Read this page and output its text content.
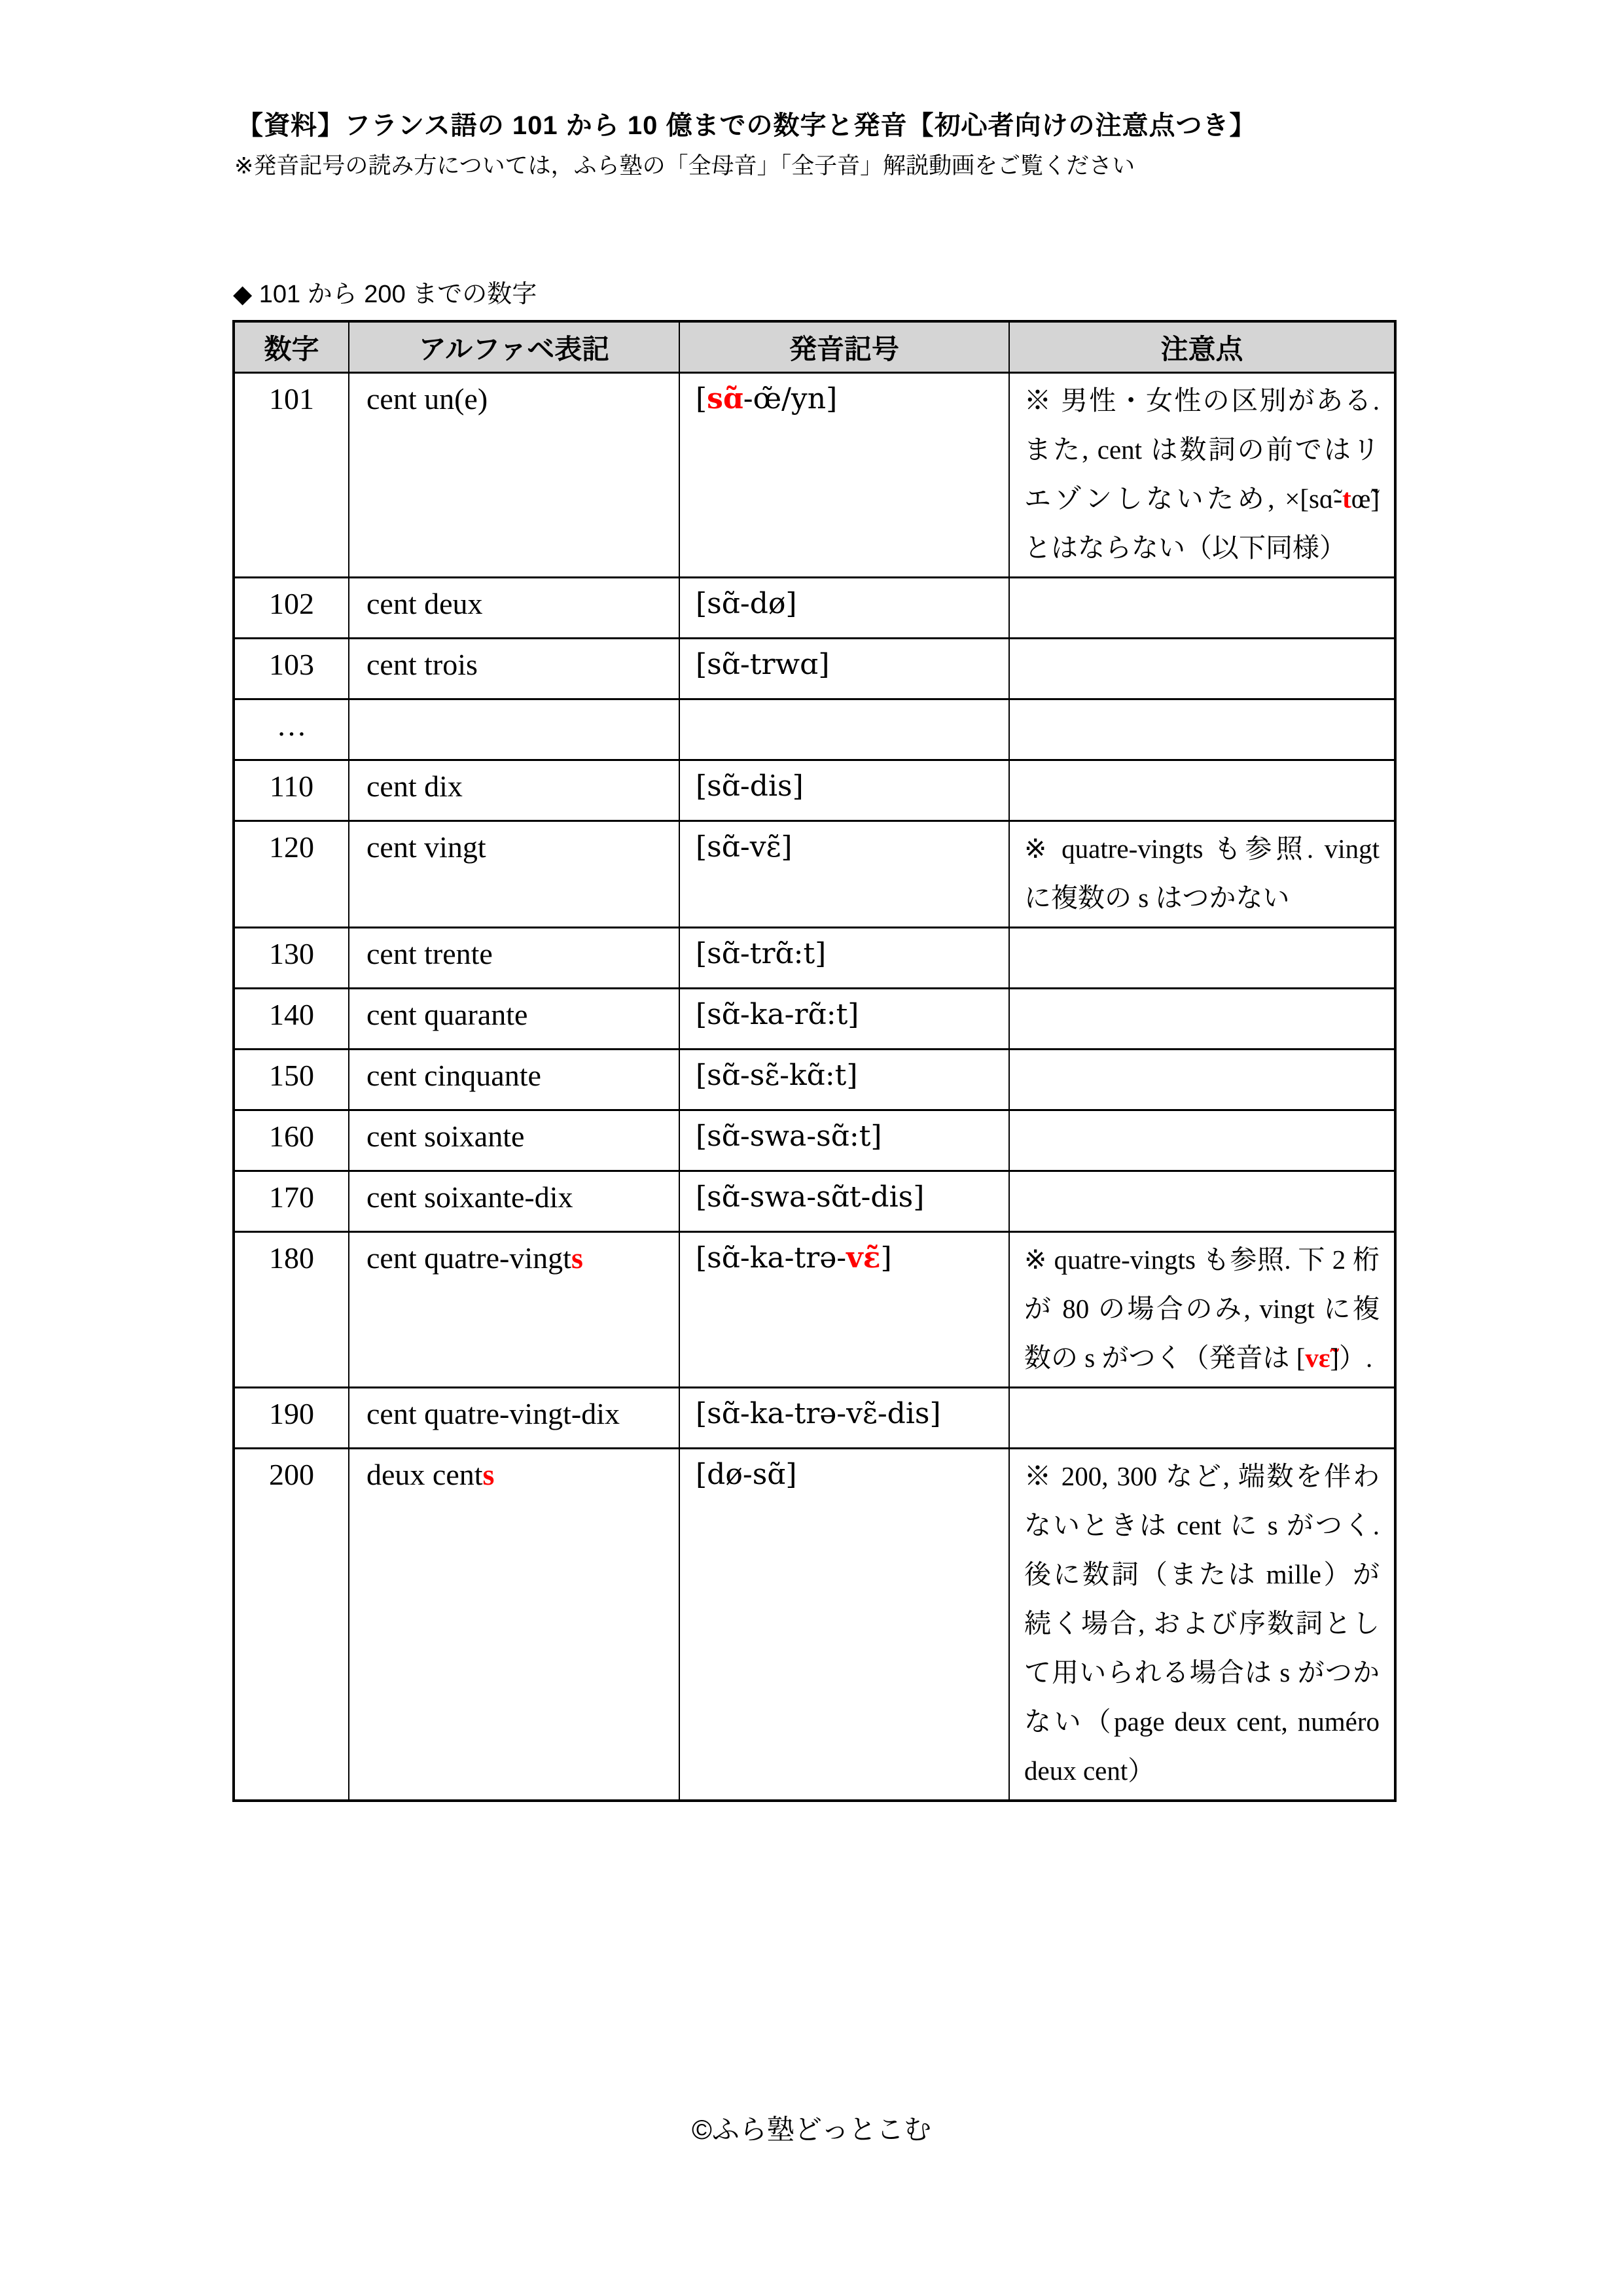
【資料】フランス語の 101 から 10 億までの数字と発音【初心者向けの注意点つき】
※発音記号の読み方については，ふら塾の「全母音」「全子音」解説動画をご覧ください
◆ 101 から 200 までの数字
数字	アルファベ表記	発音記号	注意点
101	cent un(e)	[sɑ̃-œ̃/yn]	※ 男性・女性の区別がある. また, cent は数詞の前ではリエゾンしないため, ×[sɑ̃-tœ̃] とはならない（以下同様）
102	cent deux	[sɑ̃-dø]	
103	cent trois	[sɑ̃-trwɑ]	
…			
110	cent dix	[sɑ̃-dis]	
120	cent vingt	[sɑ̃-vɛ̃]	※ quatre-vingts も参照. vingt に複数の s はつかない
130	cent trente	[sɑ̃-trɑ̃:t]	
140	cent quarante	[sɑ̃-ka-rɑ̃:t]	
150	cent cinquante	[sɑ̃-sɛ̃-kɑ̃:t]	
160	cent soixante	[sɑ̃-swa-sɑ̃:t]	
170	cent soixante-dix	[sɑ̃-swa-sɑ̃t-dis]	
180	cent quatre-vingts	[sɑ̃-ka-trə-vɛ̃]	※ quatre-vingts も参照. 下 2 桁が 80 の場合のみ, vingt に複数の s がつく（発音は [vɛ̃]）.
190	cent quatre-vingt-dix	[sɑ̃-ka-trə-vɛ̃-dis]	
200	deux cents	[dø-sɑ̃]	※ 200, 300 など, 端数を伴わないときは cent に s がつく. 後に数詞（または mille）が続く場合, および序数詞として用いられる場合は s がつかない（page deux cent, numéro deux cent）
©ふら塾どっとこむ
